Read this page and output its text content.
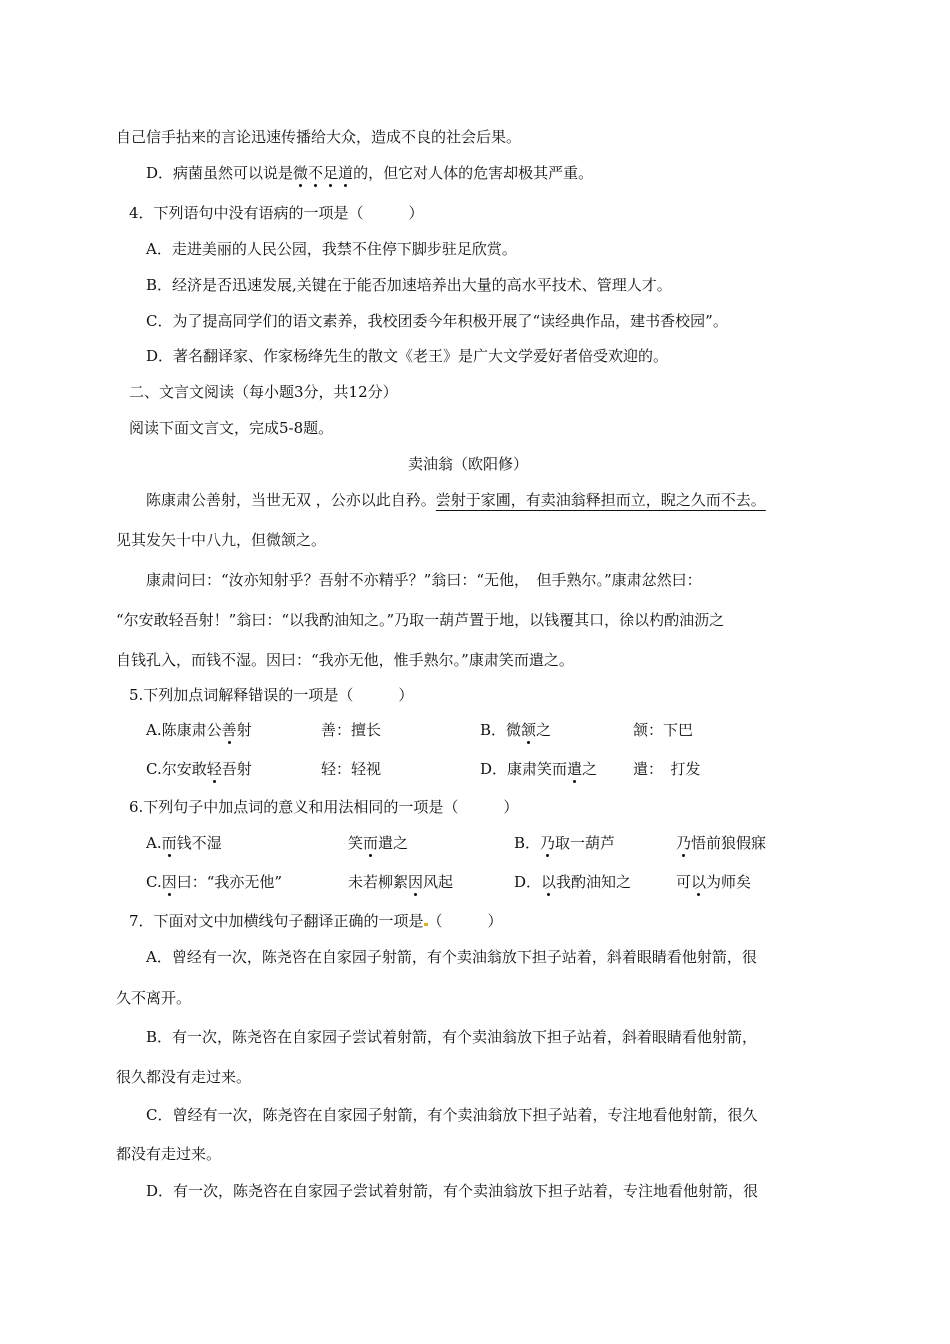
自己信手拈来的言论迅速传播给大众，造成不良的社会后果。
D．病菌虽然可以说是微不足道的，但它对人体的危害却极其严重。
4．下列语句中没有语病的一项是（　　　）
A．走进美丽的人民公园，我禁不住停下脚步驻足欣赏。
B．经济是否迅速发展,关键在于能否加速培养出大量的高水平技术、管理人才。
C．为了提高同学们的语文素养，我校团委今年积极开展了“读经典作品，建书香校园”。
D．著名翻译家、作家杨绛先生的散文《老王》是广大文学爱好者倍受欢迎的。
二、文言文阅读（每小题3分，共12分）
阅读下面文言文，完成5-8题。
卖油翁（欧阳修）
陈康肃公善射，当世无双 ，公亦以此自矜。尝射于家圃，有卖油翁释担而立，睨之久而不去。
见其发矢十中八九，但微颔之。
康肃问曰：“汝亦知射乎？吾射不亦精乎？”翁曰：“无他，　但手熟尔。”康肃忿然曰：
“尔安敢轻吾射！”翁曰：“以我酌油知之。”乃取一葫芦置于地，以钱覆其口，徐以杓酌油沥之
自钱孔入，而钱不湿。因曰：“我亦无他，惟手熟尔。”康肃笑而遣之。
5.下列加点词解释错误的一项是（　　　）
A.陈康肃公善射	善：擅长	B．微颔之	颔：下巴
C.尔安敢轻吾射	轻：轻视	D．康肃笑而遣之 遣：　打发
6.下列句子中加点词的意义和用法相同的一项是（　　　）
A.而钱不湿	笑而遣之	B．乃取一葫芦	乃悟前狼假寐
C.因曰：“我亦无他”	未若柳絮因风起	D．以我酌油知之	可以为师矣
7．下面对文中加横线句子翻译正确的一项是 （　　　）
A．曾经有一次，陈尧咨在自家园子射箭，有个卖油翁放下担子站着，斜着眼睛看他射箭，很
久不离开。
B．有一次，陈尧咨在自家园子尝试着射箭，有个卖油翁放下担子站着，斜着眼睛看他射箭，
很久都没有走过来。
C．曾经有一次，陈尧咨在自家园子射箭，有个卖油翁放下担子站着，专注地看他射箭，很久
都没有走过来。
D．有一次，陈尧咨在自家园子尝试着射箭，有个卖油翁放下担子站着，专注地看他射箭，很
